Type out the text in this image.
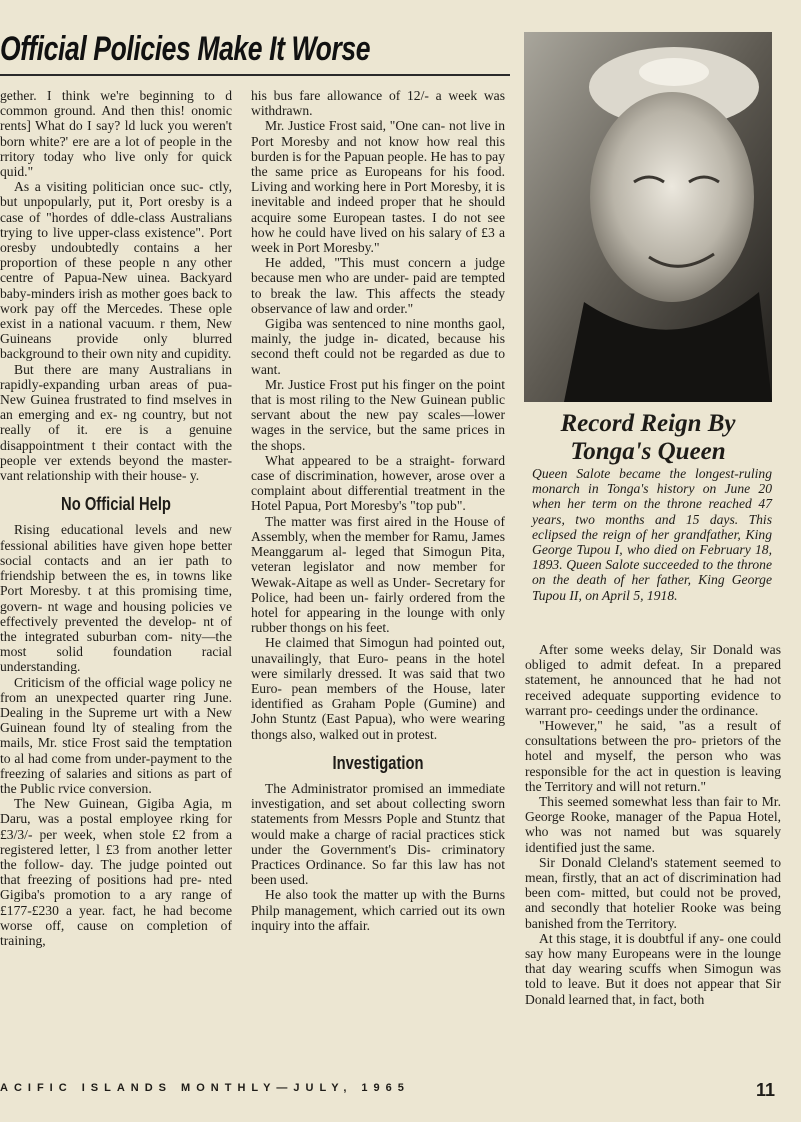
Official Policies Make It Worse

gether. I think we're beginning to d common ground. And then this! onomic rents] What do I say? ld luck you weren't born white?' ere are a lot of people in the rritory today who live only for quick quid."

As a visiting politician once suc- ctly, but unpopularly, put it, Port oresby is a case of "hordes of ddle-class Australians trying to live upper-class existence". Port oresby undoubtedly contains a her proportion of these people n any other centre of Papua-New uinea. Backyard baby-minders irish as mother goes back to work pay off the Mercedes. These ople exist in a national vacuum. r them, New Guineans provide only blurred background to their own nity and cupidity.

But there are many Australians in rapidly-expanding urban areas of pua-New Guinea frustrated to find mselves in an emerging and ex- ng country, but not really of it. ere is a genuine disappointment t their contact with the people ver extends beyond the master- vant relationship with their house- y.

No Official Help

Rising educational levels and new fessional abilities have given hope better social contacts and an ier path to friendship between the es, in towns like Port Moresby. t at this promising time, govern- nt wage and housing policies ve effectively prevented the develop- nt of the integrated suburban com- nity—the most solid foundation racial understanding.

Criticism of the official wage policy ne from an unexpected quarter ring June. Dealing in the Supreme urt with a New Guinean found lty of stealing from the mails, Mr. stice Frost said the temptation to al had come from under-payment to the freezing of salaries and sitions as part of the Public rvice conversion.

The New Guinean, Gigiba Agia, m Daru, was a postal employee rking for £3/3/- per week, when stole £2 from a registered letter, l £3 from another letter the follow- day. The judge pointed out that freezing of positions had pre- nted Gigiba's promotion to a ary range of £177-£230 a year. fact, he had become worse off, cause on completion of training,

his bus fare allowance of 12/- a week was withdrawn.

Mr. Justice Frost said, "One can- not live in Port Moresby and not know how real this burden is for the Papuan people. He has to pay the same price as Europeans for his food. Living and working here in Port Moresby, it is inevitable and indeed proper that he should acquire some European tastes. I do not see how he could have lived on his salary of £3 a week in Port Moresby."

He added, "This must concern a judge because men who are under- paid are tempted to break the law. This affects the steady observance of law and order."

Gigiba was sentenced to nine months gaol, mainly, the judge in- dicated, because his second theft could not be regarded as due to want.

Mr. Justice Frost put his finger on the point that is most riling to the New Guinean public servant about the new pay scales—lower wages in the service, but the same prices in the shops.

What appeared to be a straight- forward case of discrimination, however, arose over a complaint about differential treatment in the Hotel Papua, Port Moresby's "top pub".

The matter was first aired in the House of Assembly, when the member for Ramu, James Meanggarum al- leged that Simogun Pita, veteran legislator and now member for Wewak-Aitape as well as Under- Secretary for Police, had been un- fairly ordered from the hotel for appearing in the lounge with only rubber thongs on his feet.

He claimed that Simogun had pointed out, unavailingly, that Euro- peans in the hotel were similarly dressed. It was said that two Euro- pean members of the House, later identified as Graham Pople (Gumine) and John Stuntz (East Papua), who were wearing thongs also, walked out in protest.

Investigation

The Administrator promised an immediate investigation, and set about collecting sworn statements from Messrs Pople and Stuntz that would make a charge of racial practices stick under the Government's Dis- criminatory Practices Ordinance. So far this law has not been used.

He also took the matter up with the Burns Philp management, which carried out its own inquiry into the affair.

Record Reign By Tonga's Queen
Queen Salote became the longest-ruling monarch in Tonga's history on June 20 when her term on the throne reached 47 years, two months and 15 days. This eclipsed the reign of her grandfather, King George Tupou I, who died on February 18, 1893. Queen Salote succeeded to the throne on the death of her father, King George Tupou II, on April 5, 1918.

After some weeks delay, Sir Donald was obliged to admit defeat. In a prepared statement, he announced that he had not received adequate supporting evidence to warrant pro- ceedings under the ordinance.

"However," he said, "as a result of consultations between the pro- prietors of the hotel and myself, the person who was responsible for the act in question is leaving the Territory and will not return."

This seemed somewhat less than fair to Mr. George Rooke, manager of the Papua Hotel, who was not named but was squarely identified just the same.

Sir Donald Cleland's statement seemed to mean, firstly, that an act of discrimination had been com- mitted, but could not be proved, and secondly that hotelier Rooke was being banished from the Territory.

At this stage, it is doubtful if any- one could say how many Europeans were in the lounge that day wearing scuffs when Simogun was told to leave. But it does not appear that Sir Donald learned that, in fact, both

ACIFIC ISLANDS MONTHLY—JULY, 1965	11
